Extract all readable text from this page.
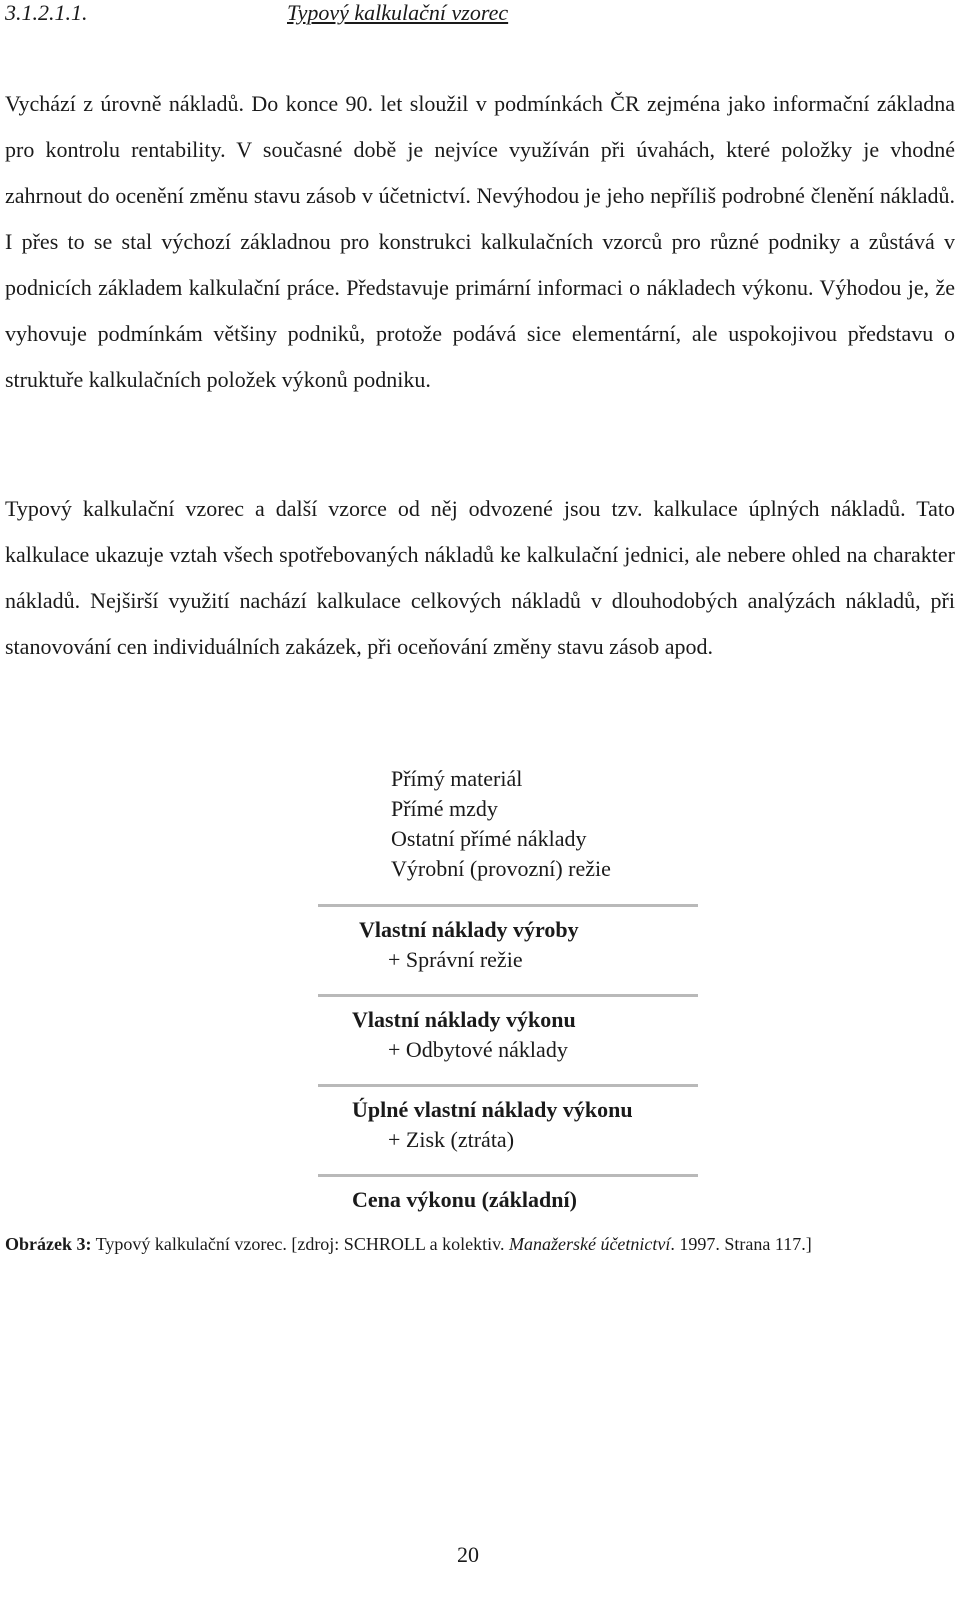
3.1.2.1.1.	Typový kalkulační vzorec
Vychází z úrovně nákladů. Do konce 90. let sloužil v podmínkách ČR zejména jako informační základna pro kontrolu rentability. V současné době je nejvíce využíván při úvahách, které položky je vhodné zahrnout do ocenění změnu stavu zásob v účetnictví. Nevýhodou je jeho nepříliš podrobné členění nákladů. I přes to se stal výchozí základnou pro konstrukci kalkulačních vzorců pro různé podniky a zůstává v podnicích základem kalkulační práce. Představuje primární informaci o nákladech výkonu. Výhodou je, že vyhovuje podmínkám většiny podniků, protože podává sice elementární, ale uspokojivou představu o struktuře kalkulačních položek výkonů podniku.
Typový kalkulační vzorec a další vzorce od něj odvozené jsou tzv. kalkulace úplných nákladů. Tato kalkulace ukazuje vztah všech spotřebovaných nákladů ke kalkulační jednici, ale nebere ohled na charakter nákladů. Nejširší využití nachází kalkulace celkových nákladů v dlouhodobých analýzách nákladů, při stanovování cen individuálních zakázek, při oceňování změny stavu zásob apod.
Přímý materiál
Přímé mzdy
Ostatní přímé náklady
Výrobní (provozní) režie
Vlastní náklady výroby
+ Správní režie
Vlastní náklady výkonu
+ Odbytové náklady
Úplné vlastní náklady výkonu
+ Zisk (ztráta)
Cena výkonu (základní)
Obrázek 3: Typový kalkulační vzorec. [zdroj: SCHROLL a kolektiv. Manažerské účetnictví. 1997. Strana 117.]
20
